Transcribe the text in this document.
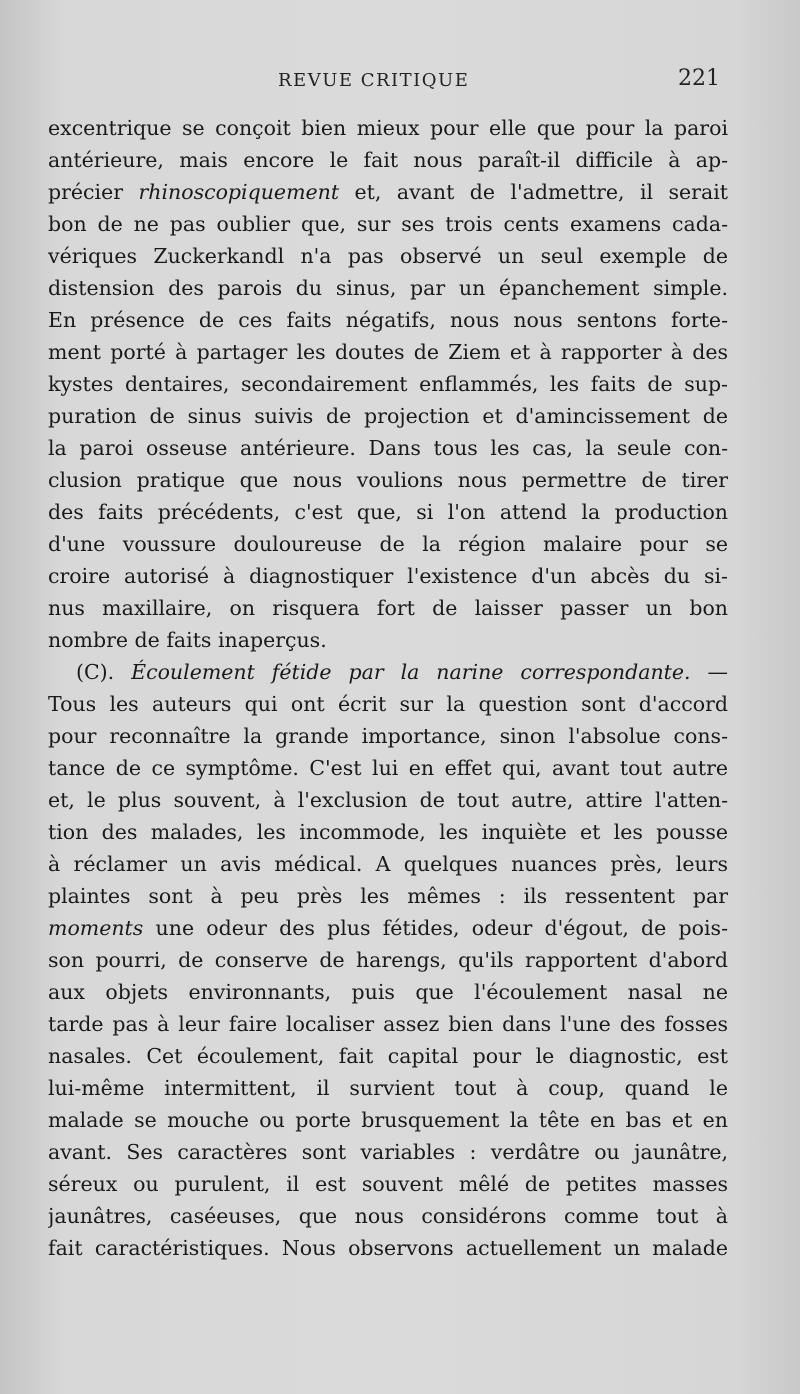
REVUE CRITIQUE	221
excentrique se conçoit bien mieux pour elle que pour la paroi
antérieure, mais encore le fait nous paraît-il difficile à ap-
précier rhinoscopiquement et, avant de l'admettre, il serait
bon de ne pas oublier que, sur ses trois cents examens cada-
vériques Zuckerkandl n'a pas observé un seul exemple de
distension des parois du sinus, par un épanchement simple.
En présence de ces faits négatifs, nous nous sentons forte-
ment porté à partager les doutes de Ziem et à rapporter à des
kystes dentaires, secondairement enflammés, les faits de sup-
puration de sinus suivis de projection et d'amincissement de
la paroi osseuse antérieure. Dans tous les cas, la seule con-
clusion pratique que nous voulions nous permettre de tirer
des faits précédents, c'est que, si l'on attend la production
d'une voussure douloureuse de la région malaire pour se
croire autorisé à diagnostiquer l'existence d'un abcès du si-
nus maxillaire, on risquera fort de laisser passer un bon
nombre de faits inaperçus.
(C). Écoulement fétide par la narine correspondante. —
Tous les auteurs qui ont écrit sur la question sont d'accord
pour reconnaître la grande importance, sinon l'absolue cons-
tance de ce symptôme. C'est lui en effet qui, avant tout autre
et, le plus souvent, à l'exclusion de tout autre, attire l'atten-
tion des malades, les incommode, les inquiète et les pousse
à réclamer un avis médical. A quelques nuances près, leurs
plaintes sont à peu près les mêmes : ils ressentent par
moments une odeur des plus fétides, odeur d'égout, de pois-
son pourri, de conserve de harengs, qu'ils rapportent d'abord
aux objets environnants, puis que l'écoulement nasal ne
tarde pas à leur faire localiser assez bien dans l'une des fosses
nasales. Cet écoulement, fait capital pour le diagnostic, est
lui-même intermittent, il survient tout à coup, quand le
malade se mouche ou porte brusquement la tête en bas et en
avant. Ses caractères sont variables : verdâtre ou jaunâtre,
séreux ou purulent, il est souvent mêlé de petites masses
jaunâtres, caséeuses, que nous considérons comme tout à
fait caractéristiques. Nous observons actuellement un malade
